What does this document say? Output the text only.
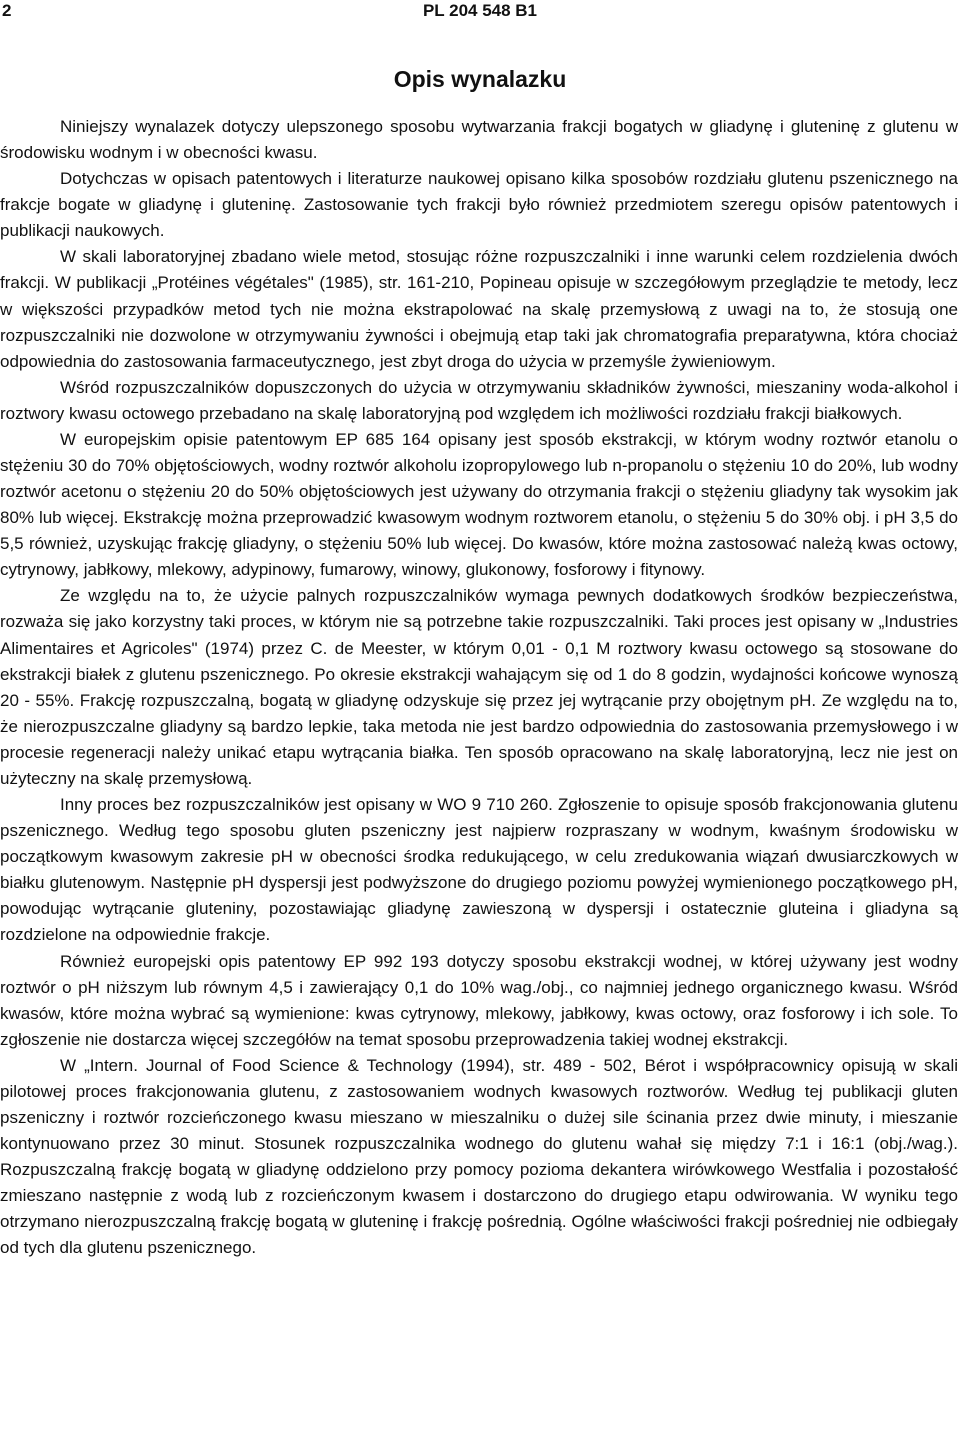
2	PL 204 548 B1
Opis wynalazku

Niniejszy wynalazek dotyczy ulepszonego sposobu wytwarzania frakcji bogatych w gliadynę i gluteninę z glutenu w środowisku wodnym i w obecności kwasu.

Dotychczas w opisach patentowych i literaturze naukowej opisano kilka sposobów rozdziału glutenu pszenicznego na frakcje bogate w gliadynę i gluteninę. Zastosowanie tych frakcji było również przedmiotem szeregu opisów patentowych i publikacji naukowych.

W skali laboratoryjnej zbadano wiele metod, stosując różne rozpuszczalniki i inne warunki celem rozdzielenia dwóch frakcji. W publikacji „Protéines végétales" (1985), str. 161-210, Popineau opisuje w szczegółowym przeglądzie te metody, lecz w większości przypadków metod tych nie można ekstrapolować na skalę przemysłową z uwagi na to, że stosują one rozpuszczalniki nie dozwolone w otrzymywaniu żywności i obejmują etap taki jak chromatografia preparatywna, która chociaż odpowiednia do zastosowania farmaceutycznego, jest zbyt droga do użycia w przemyśle żywieniowym.

Wśród rozpuszczalników dopuszczonych do użycia w otrzymywaniu składników żywności, mieszaniny woda-alkohol i roztwory kwasu octowego przebadano na skalę laboratoryjną pod względem ich możliwości rozdziału frakcji białkowych.

W europejskim opisie patentowym EP 685 164 opisany jest sposób ekstrakcji, w którym wodny roztwór etanolu o stężeniu 30 do 70% objętościowych, wodny roztwór alkoholu izopropylowego lub n-propanolu o stężeniu 10 do 20%, lub wodny roztwór acetonu o stężeniu 20 do 50% objętościowych jest używany do otrzymania frakcji o stężeniu gliadyny tak wysokim jak 80% lub więcej. Ekstrakcję można przeprowadzić kwasowym wodnym roztworem etanolu, o stężeniu 5 do 30% obj. i pH 3,5 do 5,5 również, uzyskując frakcję gliadyny, o stężeniu 50% lub więcej. Do kwasów, które można zastosować należą kwas octowy, cytrynowy, jabłkowy, mlekowy, adypinowy, fumarowy, winowy, glukonowy, fosforowy i fitynowy.

Ze względu na to, że użycie palnych rozpuszczalników wymaga pewnych dodatkowych środków bezpieczeństwa, rozważa się jako korzystny taki proces, w którym nie są potrzebne takie rozpuszczalniki. Taki proces jest opisany w „Industries Alimentaires et Agricoles" (1974) przez C. de Meester, w którym 0,01 - 0,1 M roztwory kwasu octowego są stosowane do ekstrakcji białek z glutenu pszenicznego. Po okresie ekstrakcji wahającym się od 1 do 8 godzin, wydajności końcowe wynoszą 20 - 55%. Frakcję rozpuszczalną, bogatą w gliadynę odzyskuje się przez jej wytrącanie przy obojętnym pH. Ze względu na to, że nierozpuszczalne gliadyny są bardzo lepkie, taka metoda nie jest bardzo odpowiednia do zastosowania przemysłowego i w procesie regeneracji należy unikać etapu wytrącania białka. Ten sposób opracowano na skalę laboratoryjną, lecz nie jest on użyteczny na skalę przemysłową.

Inny proces bez rozpuszczalników jest opisany w WO 9 710 260. Zgłoszenie to opisuje sposób frakcjonowania glutenu pszenicznego. Według tego sposobu gluten pszeniczny jest najpierw rozpraszany w wodnym, kwaśnym środowisku w początkowym kwasowym zakresie pH w obecności środka redukującego, w celu zredukowania wiązań dwusiarczkowych w białku glutenowym. Następnie pH dyspersji jest podwyższone do drugiego poziomu powyżej wymienionego początkowego pH, powodując wytrącanie gluteniny, pozostawiając gliadynę zawieszoną w dyspersji i ostatecznie gluteina i gliadyna są rozdzielone na odpowiednie frakcje.

Również europejski opis patentowy EP 992 193 dotyczy sposobu ekstrakcji wodnej, w której używany jest wodny roztwór o pH niższym lub równym 4,5 i zawierający 0,1 do 10% wag./obj., co najmniej jednego organicznego kwasu. Wśród kwasów, które można wybrać są wymienione: kwas cytrynowy, mlekowy, jabłkowy, kwas octowy, oraz fosforowy i ich sole. To zgłoszenie nie dostarcza więcej szczegółów na temat sposobu przeprowadzenia takiej wodnej ekstrakcji.

W „Intern. Journal of Food Science & Technology (1994), str. 489 - 502, Bérot i współpracownicy opisują w skali pilotowej proces frakcjonowania glutenu, z zastosowaniem wodnych kwasowych roztworów. Według tej publikacji gluten pszeniczny i roztwór rozcieńczonego kwasu mieszano w mieszalniku o dużej sile ścinania przez dwie minuty, i mieszanie kontynuowano przez 30 minut. Stosunek rozpuszczalnika wodnego do glutenu wahał się między 7:1 i 16:1 (obj./wag.). Rozpuszczalną frakcję bogatą w gliadynę oddzielono przy pomocy pozioma dekantera wirówkowego Westfalia i pozostałość zmieszano następnie z wodą lub z rozcieńczonym kwasem i dostarczono do drugiego etapu odwirowania. W wyniku tego otrzymano nierozpuszczalną frakcję bogatą w gluteninę i frakcję pośrednią. Ogólne właściwości frakcji pośredniej nie odbiegały od tych dla glutenu pszenicznego.
